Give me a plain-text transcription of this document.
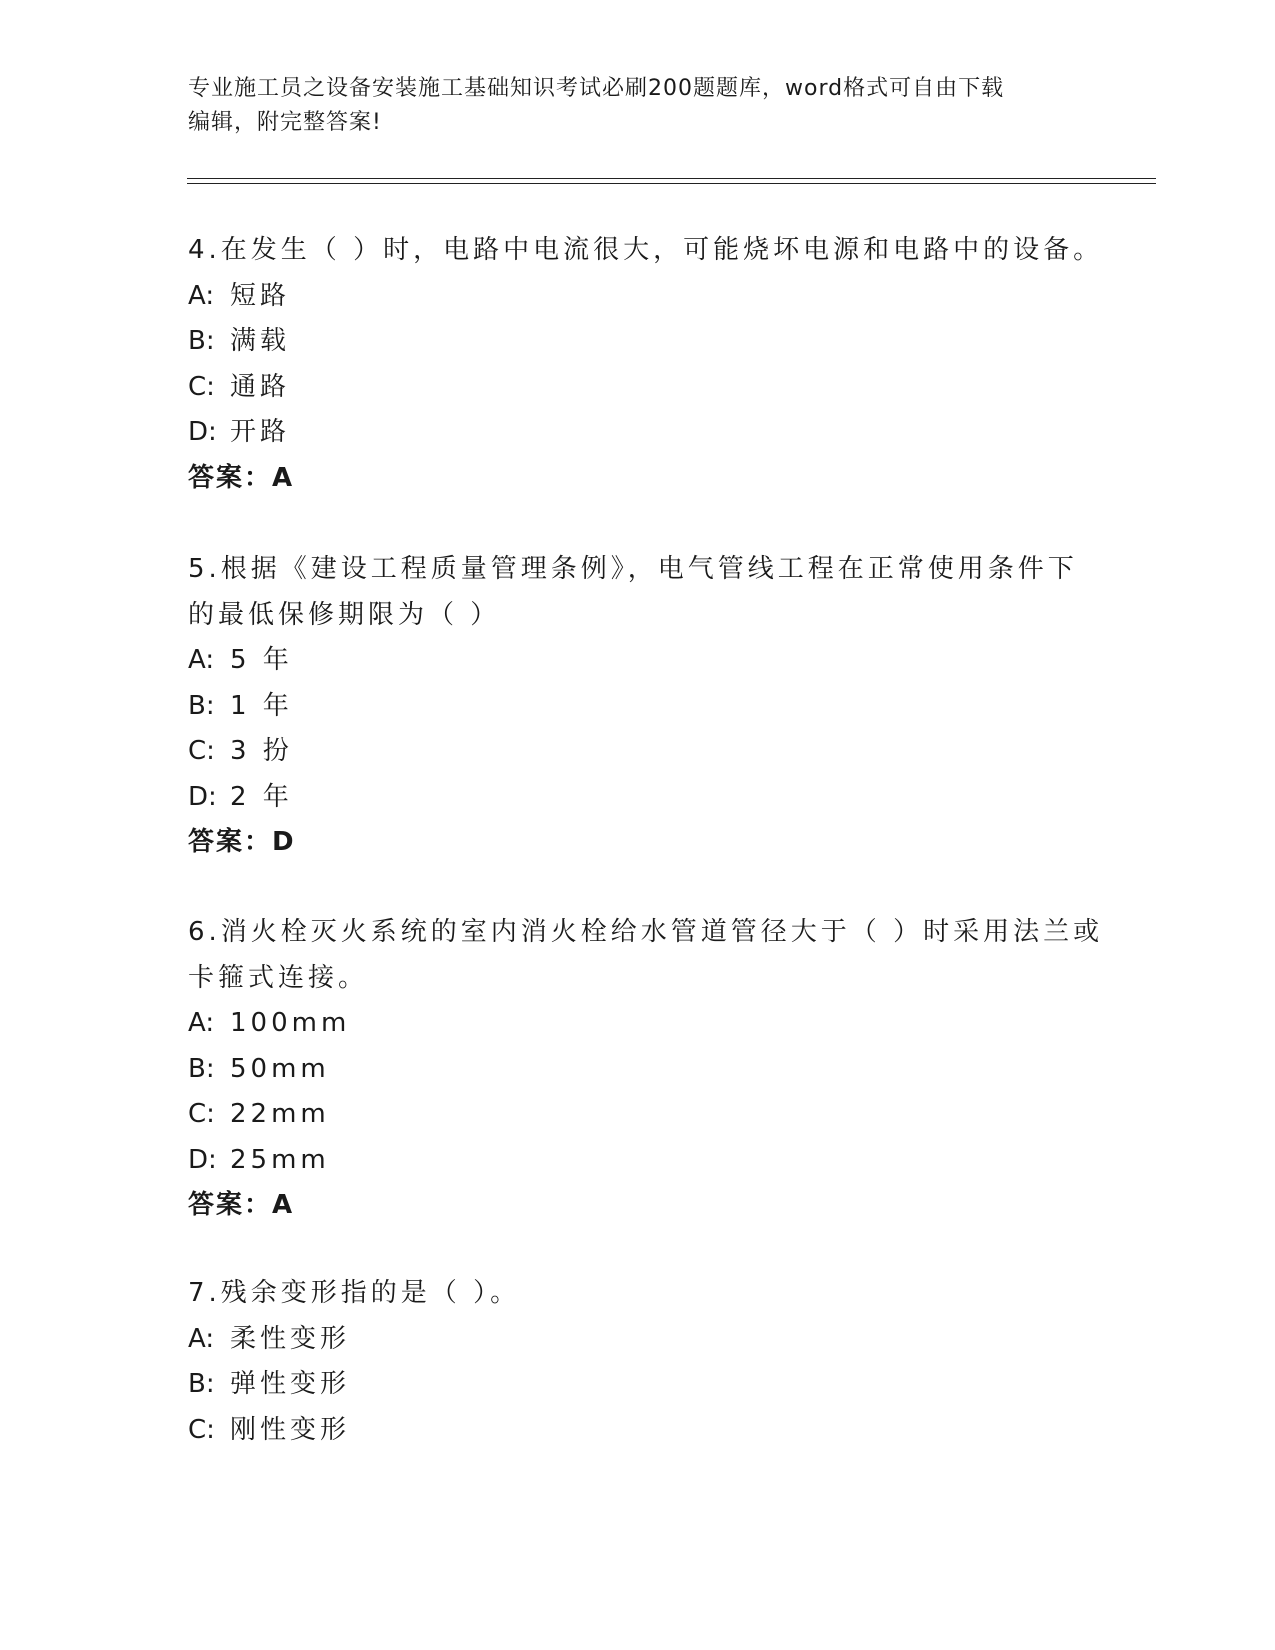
专业施工员之设备安装施工基础知识考试必刷200题题库，word格式可自由下载
编辑，附完整答案!
4.在发生（ ）时，电路中电流很大，可能烧坏电源和电路中的设备。
A: 短路
B: 满载
C: 通路
D: 开路
答案：A
5.根据《建设工程质量管理条例》，电气管线工程在正常使用条件下
的最低保修期限为（ ）
A: 5 年
B: 1 年
C: 3 扮
D: 2 年
答案：D
6.消火栓灭火系统的室内消火栓给水管道管径大于（ ）时采用法兰或
卡箍式连接。
A: 100mm
B: 50mm
C: 22mm
D: 25mm
答案：A
7.残余变形指的是（ ）。
A: 柔性变形
B: 弹性变形
C: 刚性变形
